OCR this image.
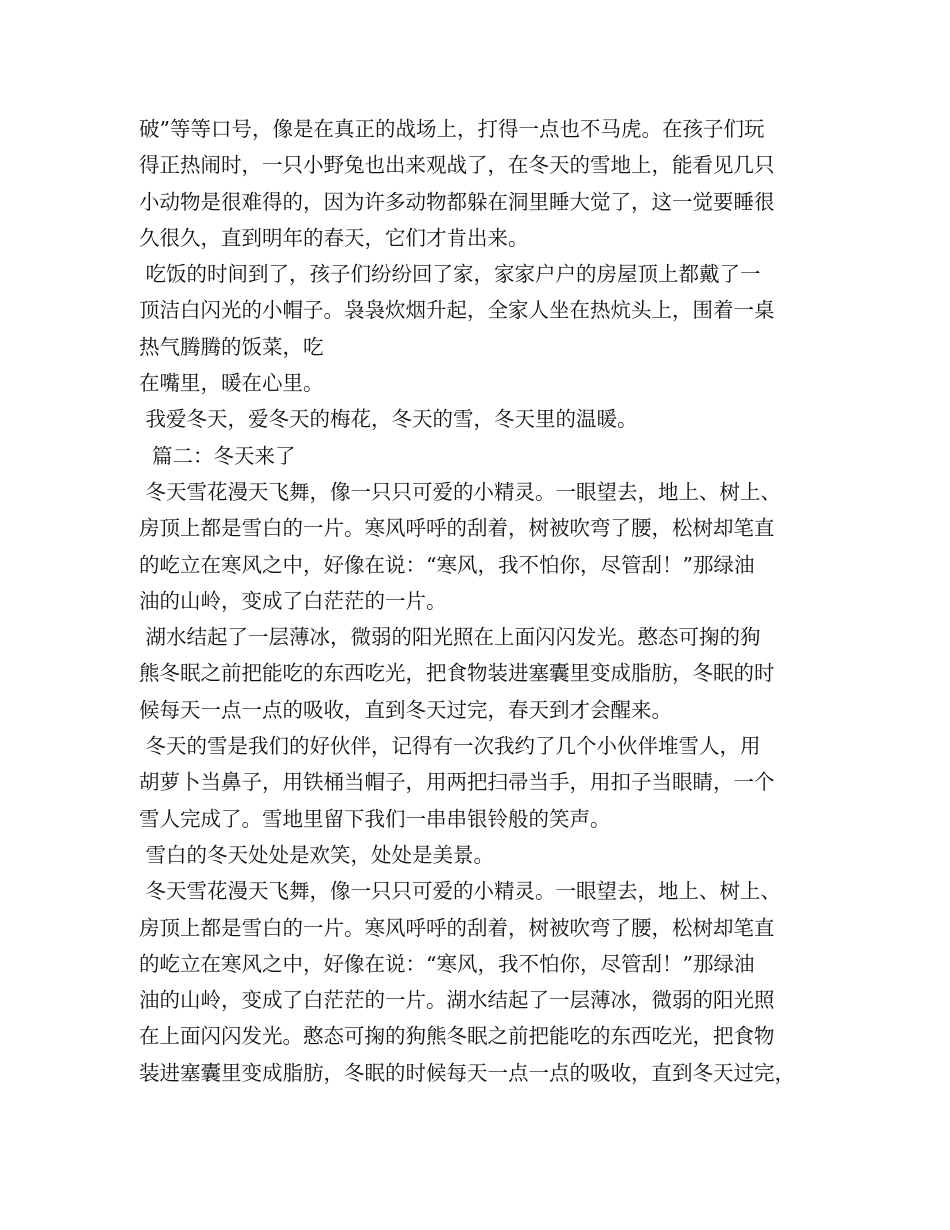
破”等等口号，像是在真正的战场上，打得一点也不马虎。在孩子们玩
得正热闹时，一只小野兔也出来观战了，在冬天的雪地上，能看见几只
小动物是很难得的，因为许多动物都躲在洞里睡大觉了，这一觉要睡很
久很久，直到明年的春天，它们才肯出来。
吃饭的时间到了，孩子们纷纷回了家，家家户户的房屋顶上都戴了一
顶洁白闪光的小帽子。袅袅炊烟升起，全家人坐在热炕头上，围着一桌
热气腾腾的饭菜，吃
在嘴里，暖在心里。
我爱冬天，爱冬天的梅花，冬天的雪，冬天里的温暖。
篇二：冬天来了
冬天雪花漫天飞舞，像一只只可爱的小精灵。一眼望去，地上、树上、
房顶上都是雪白的一片。寒风呼呼的刮着，树被吹弯了腰，松树却笔直
的屹立在寒风之中，好像在说：“寒风，我不怕你，尽管刮！”那绿油
油的山岭，变成了白茫茫的一片。
湖水结起了一层薄冰，微弱的阳光照在上面闪闪发光。憨态可掬的狗
熊冬眠之前把能吃的东西吃光，把食物装进塞囊里变成脂肪，冬眠的时
候每天一点一点的吸收，直到冬天过完，春天到才会醒来。
冬天的雪是我们的好伙伴，记得有一次我约了几个小伙伴堆雪人，用
胡萝卜当鼻子，用铁桶当帽子，用两把扫帚当手，用扣子当眼睛，一个
雪人完成了。雪地里留下我们一串串银铃般的笑声。
雪白的冬天处处是欢笑，处处是美景。
冬天雪花漫天飞舞，像一只只可爱的小精灵。一眼望去，地上、树上、
房顶上都是雪白的一片。寒风呼呼的刮着，树被吹弯了腰，松树却笔直
的屹立在寒风之中，好像在说：“寒风，我不怕你，尽管刮！”那绿油
油的山岭，变成了白茫茫的一片。湖水结起了一层薄冰，微弱的阳光照
在上面闪闪发光。憨态可掬的狗熊冬眠之前把能吃的东西吃光，把食物
装进塞囊里变成脂肪，冬眠的时候每天一点一点的吸收，直到冬天过完，
